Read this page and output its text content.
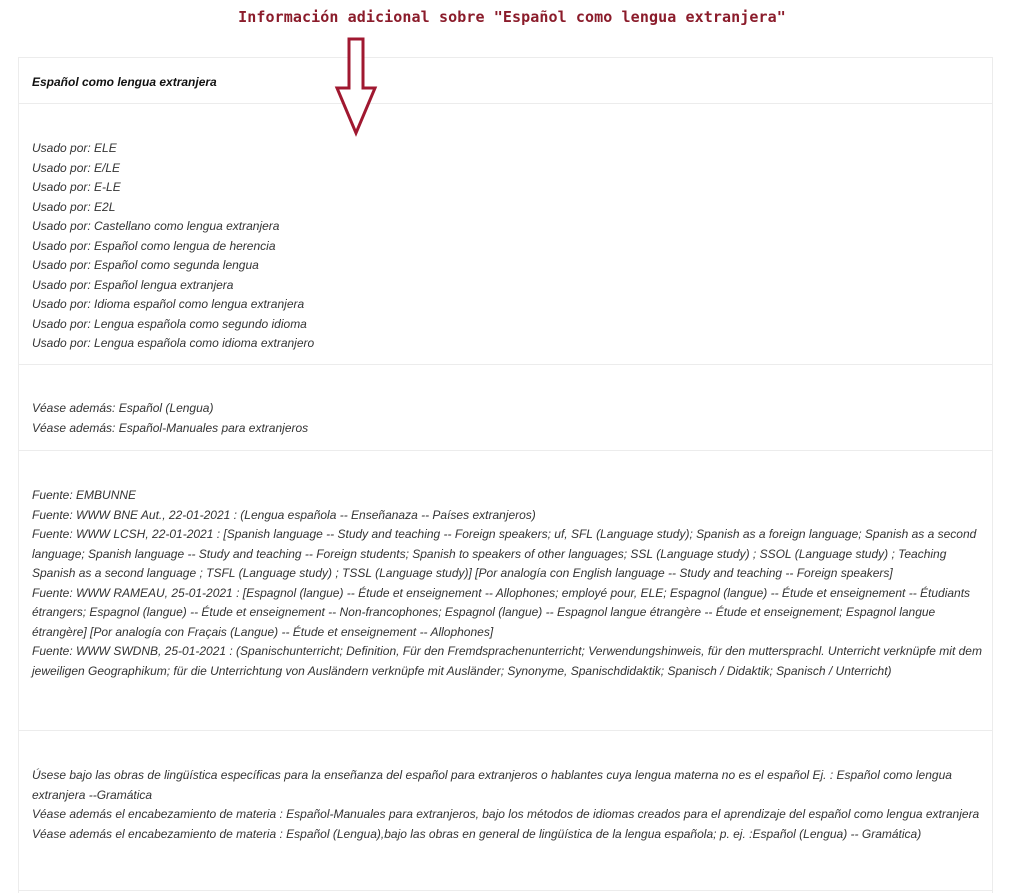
Información adicional sobre "Español como lengua extranjera"
Español como lengua extranjera
Usado por: ELE
Usado por: E/LE
Usado por: E-LE
Usado por: E2L
Usado por: Castellano como lengua extranjera
Usado por: Español como lengua de herencia
Usado por: Español como segunda lengua
Usado por: Español lengua extranjera
Usado por: Idioma español como lengua extranjera
Usado por: Lengua española como segundo idioma
Usado por: Lengua española como idioma extranjero
Véase además: Español (Lengua)
Véase además: Español-Manuales para extranjeros
Fuente: EMBUNNE
Fuente: WWW BNE Aut., 22-01-2021 : (Lengua española -- Enseñanaza -- Países extranjeros)
Fuente: WWW LCSH, 22-01-2021 : [Spanish language -- Study and teaching -- Foreign speakers; uf, SFL (Language study); Spanish as a foreign language; Spanish as a second language; Spanish language -- Study and teaching -- Foreign students; Spanish to speakers of other languages; SSL (Language study) ; SSOL (Language study) ; Teaching Spanish as a second language ; TSFL (Language study) ; TSSL (Language study)] [Por analogía con English language -- Study and teaching -- Foreign speakers]
Fuente: WWW RAMEAU, 25-01-2021 : [Espagnol (langue) -- Étude et enseignement -- Allophones; employé pour, ELE; Espagnol (langue) -- Étude et enseignement -- Étudiants étrangers; Espagnol (langue) -- Étude et enseignement -- Non-francophones; Espagnol (langue) -- Espagnol langue étrangère -- Étude et enseignement; Espagnol langue étrangère] [Por analogía con Fraçais (Langue) -- Étude et enseignement -- Allophones]
Fuente: WWW SWDNB, 25-01-2021 : (Spanischunterricht; Definition, Für den Fremdsprachenunterricht; Verwendungshinweis, für den muttersprachl. Unterricht verknüpfe mit dem jeweiligen Geographikum; für die Unterrichtung von Ausländern verknüpfe mit Ausländer; Synonyme, Spanischdidaktik; Spanisch / Didaktik; Spanisch / Unterricht)
Úsese bajo las obras de lingüística específicas para la enseñanza del español para extranjeros o hablantes cuya lengua materna no es el español Ej. : Español como lengua extranjera --Gramática
Véase además el encabezamiento de materia : Español-Manuales para extranjeros, bajo los métodos de idiomas creados para el aprendizaje del español como lengua extranjera
Véase además el encabezamiento de materia : Español (Lengua),bajo las obras en general de lingüística de la lengua española; p. ej. :Español (Lengua) -- Gramática)
